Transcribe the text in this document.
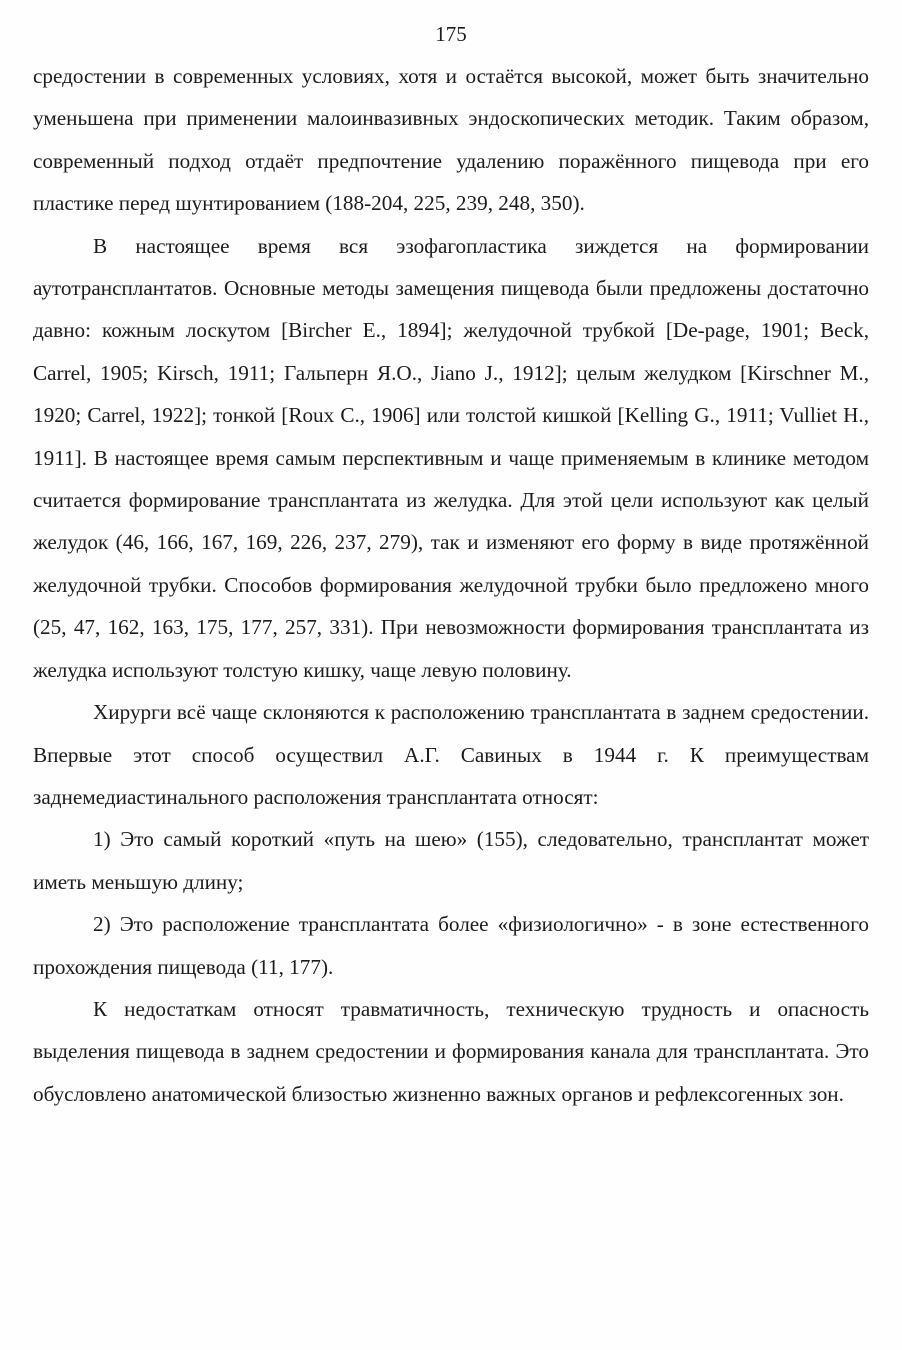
175

средостении в современных условиях, хотя и остаётся высокой, может быть значительно уменьшена при применении малоинвазивных эндоскопических методик. Таким образом, современный подход отдаёт предпочтение удалению поражённого пищевода при его пластике перед шунтированием (188-204, 225, 239, 248, 350).

В настоящее время вся эзофагопластика зиждется на формировании аутотрансплантатов. Основные методы замещения пищевода были предложены достаточно давно: кожным лоскутом [Bircher E., 1894]; желудочной трубкой [De-page, 1901; Beck, Carrel, 1905; Kirsch, 1911; Гальперн Я.О., Jiano J., 1912]; целым желудком [Kirschner M., 1920; Carrel, 1922]; тонкой [Roux C., 1906] или толстой кишкой [Kelling G., 1911; Vulliet H., 1911]. В настоящее время самым перспективным и чаще применяемым в клинике методом считается формирование трансплантата из желудка. Для этой цели используют как целый желудок (46, 166, 167, 169, 226, 237, 279), так и изменяют его форму в виде протяжённой желудочной трубки. Способов формирования желудочной трубки было предложено много (25, 47, 162, 163, 175, 177, 257, 331). При невозможности формирования трансплантата из желудка используют толстую кишку, чаще левую половину.

Хирурги всё чаще склоняются к расположению трансплантата в заднем средостении. Впервые этот способ осуществил А.Г. Савиных в 1944 г. К преимуществам заднемедиастинального расположения трансплантата относят:

1) Это самый короткий «путь на шею» (155), следовательно, трансплантат может иметь меньшую длину;

2) Это расположение трансплантата более «физиологично» - в зоне естественного прохождения пищевода (11, 177).

К недостаткам относят травматичность, техническую трудность и опасность выделения пищевода в заднем средостении и формирования канала для трансплантата. Это обусловлено анатомической близостью жизненно важных органов и рефлексогенных зон.
